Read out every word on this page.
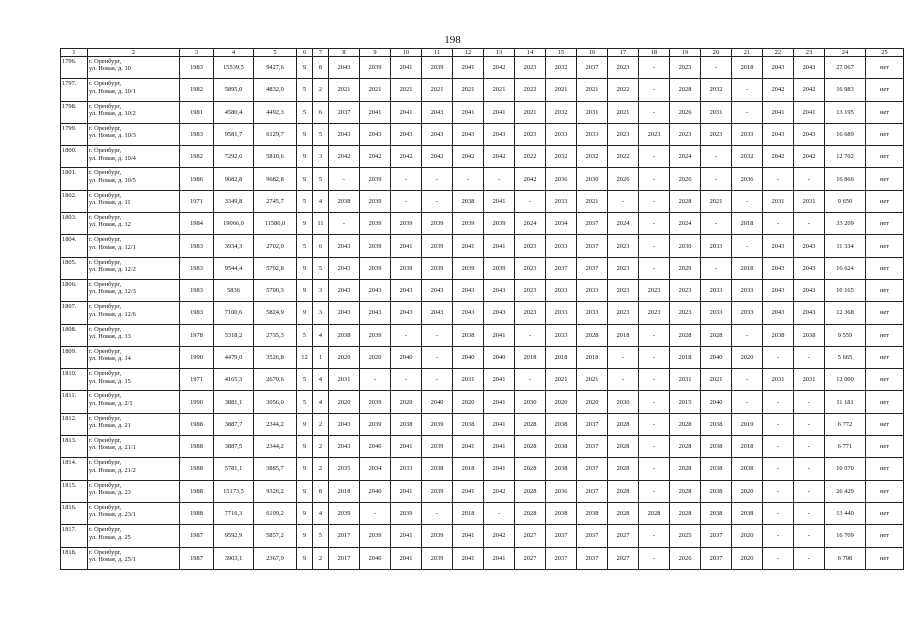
198
1	2	3	4	5	6	7	8	9	10	11	12	13	14	15	16	17	18	19	20	21	22	23	24	25
1796.	г. Оренбург,
ул. Новая, д. 10	1983	15539,5	9427,6	9	8	2043	2039	2041	2039	2041	2042	2023	2032	2037	2023	-	2023	-	2018	2043	2043	27 067	нет
1797.	г. Оренбург,
ул. Новая, д. 10/1	1982	5895,0	4832,0	5	2	2021	2021	2021	2021	2021	2021	2022	2021	2021	2022	-	2028	2032	-	2042	2042	16 983	нет
1798.	г. Оренбург,
ул. Новая, д. 10/2	1981	4580,4	4492,3	5	6	2037	2041	2041	2043	2041	2041	2021	2032	2031	2021	-	2026	2031	-	2041	2041	13 195	нет
1799.	г. Оренбург,
ул. Новая, д. 10/3	1983	9581,7	6129,7	9	5	2043	2043	2043	2043	2043	2043	2023	2033	2033	2023	2023	2023	2023	2033	2043	2043	16 689	нет
1800.	г. Оренбург,
ул. Новая, д. 10/4	1982	7292,6	5810,6	9	3	2042	2042	2042	2042	2042	2042	2022	2032	2032	2022	-	2024	-	2032	2042	2042	12 702	нет
1801.	г. Оренбург,
ул. Новая, д. 10/5	1986	9682,8	9682,8	9	5	-	2039	-	-	-	-	2042	2036	2030	2026	-	2026	-	2036	-	-	16 866	нет
1802.	г. Оренбург,
ул. Новая, д. 11	1971	3349,8	2745,7	5	4	2038	2039	-	-	2038	2041	-	2033	2021	-	-	2028	2021	-	2031	2031	9 650	нет
1803.	г. Оренбург,
ул. Новая, д. 12	1984	19066,0	11586,0	9	11	-	2039	2039	2039	2039	2039	2024	2034	2037	2024	-	2024	-	2018	-	-	33 209	нет
1804.	г. Оренбург,
ул. Новая, д. 12/1	1983	3934,3	2702,0	5	6	2043	2039	2041	2039	2041	2041	2023	2033	2037	2023	-	2030	2033	-	2043	2043	11 334	нет
1805.	г. Оренбург,
ул. Новая, д. 12/2	1983	9544,4	5792,8	9	5	2043	2039	2039	2039	2039	2039	2023	2037	2037	2023	-	2029	-	2018	2043	2043	16 624	нет
1806.	г. Оренбург,
ул. Новая, д. 12/3	1983	5836	5790,3	9	3	2043	2043	2043	2043	2043	2043	2023	2033	2033	2023	2023	2023	2033	2033	2043	2043	10 165	нет
1807.	г. Оренбург,
ул. Новая, д. 12/6	1983	7100,6	5824,9	9	3	2043	2043	2043	2043	2043	2043	2023	2033	2033	2023	2023	2023	2033	2033	2043	2043	12 368	нет
1808.	г. Оренбург,
ул. Новая, д. 13	1978	3318,2	2735,3	5	4	2038	2039	-	-	2038	2041	-	2033	2028	2018	-	2028	2028	-	2038	2038	9 559	нет
1809.	г. Оренбург,
ул. Новая, д. 14	1990	4479,0	3526,8	12	1	2020	2020	2040	-	2040	2040	2018	2018	2018	-	-	2018	2040	2020	-	-	5 665	нет
1810.	г. Оренбург,
ул. Новая, д. 15	1971	4165,3	2670,6	5	4	2031	-	-	-	2031	2041	-	2021	2021	-	-	2031	2021	-	2031	2031	12 000	нет
1811.	г. Оренбург,
ул. Новая, д. 2/1	1990	3881,1	3056,0	5	4	2020	2039	2020	2040	2020	2041	2030	2020	2020	2030	-	2015	2040	-	-	-	11 181	нет
1812.	г. Оренбург,
ул. Новая, д. 21	1988	3887,7	2344,2	9	2	2043	2039	2038	2039	2038	2041	2028	2038	2037	2028	-	2028	2038	2019	-	-	6 772	нет
1813.	г. Оренбург,
ул. Новая, д. 21/1	1988	3887,5	2344,2	9	2	2043	2040	2041	2039	2041	2041	2028	2038	2037	2028	-	2028	2038	2018	-	-	6 771	нет
1814.	г. Оренбург,
ул. Новая, д. 21/2	1988	5781,1	3885,7	9	2	2035	2034	2033	2038	2018	2041	2028	2038	2037	2028	-	2028	2038	2038	-	-	10 070	нет
1815.	г. Оренбург,
ул. Новая, д. 23	1988	15173,5	9326,2	9	8	2018	2040	2041	2039	2041	2042	2028	2036	2037	2028	-	2028	2038	2020	-	-	26 429	нет
1816.	г. Оренбург,
ул. Новая, д. 23/1	1988	7716,3	6109,2	9	4	2039	-	2039	-	2018	-	2028	2038	2038	2028	2028	2028	2038	2038	-	-	13 440	нет
1817.	г. Оренбург,
ул. Новая, д. 25	1987	9592,9	5857,2	9	5	2017	2039	2041	2039	2041	2042	2027	2037	2037	2027	-	2025	2037	2020	-	-	16 709	нет
1818.	г. Оренбург,
ул. Новая, д. 25/1	1987	3903,1	2367,9	9	2	2017	2040	2041	2039	2041	2041	2027	2037	2037	2027	-	2026	2037	2020	-	-	6 798	нет
